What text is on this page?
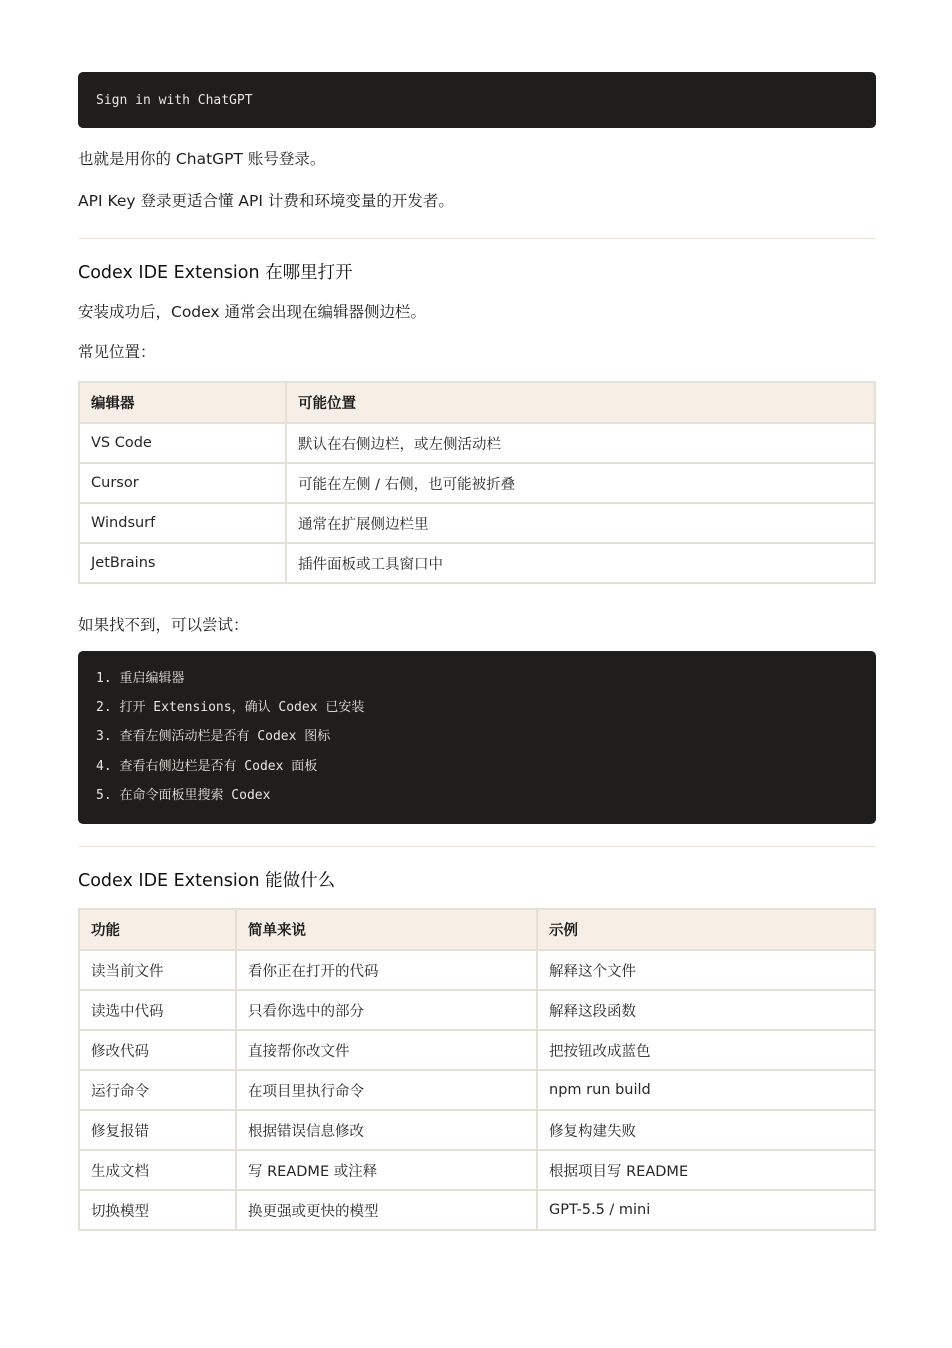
Sign in with ChatGPT

也就是用你的 ChatGPT 账号登录。

API Key 登录更适合懂 API 计费和环境变量的开发者。

Codex IDE Extension 在哪里打开

安装成功后，Codex 通常会出现在编辑器侧边栏。

常见位置：

编辑器	可能位置
VS Code	默认在右侧边栏，或左侧活动栏
Cursor	可能在左侧 / 右侧，也可能被折叠
Windsurf	通常在扩展侧边栏里
JetBrains	插件面板或工具窗口中

如果找不到，可以尝试：

1. 重启编辑器
2. 打开 Extensions，确认 Codex 已安装
3. 查看左侧活动栏是否有 Codex 图标
4. 查看右侧边栏是否有 Codex 面板
5. 在命令面板里搜索 Codex
Codex IDE Extension 能做什么
功能	简单来说	示例
读当前文件	看你正在打开的代码	解释这个文件
读选中代码	只看你选中的部分	解释这段函数
修改代码	直接帮你改文件	把按钮改成蓝色
运行命令	在项目里执行命令	npm run build
修复报错	根据错误信息修改	修复构建失败
生成文档	写 README 或注释	根据项目写 README
切换模型	换更强或更快的模型	GPT-5.5 / mini
